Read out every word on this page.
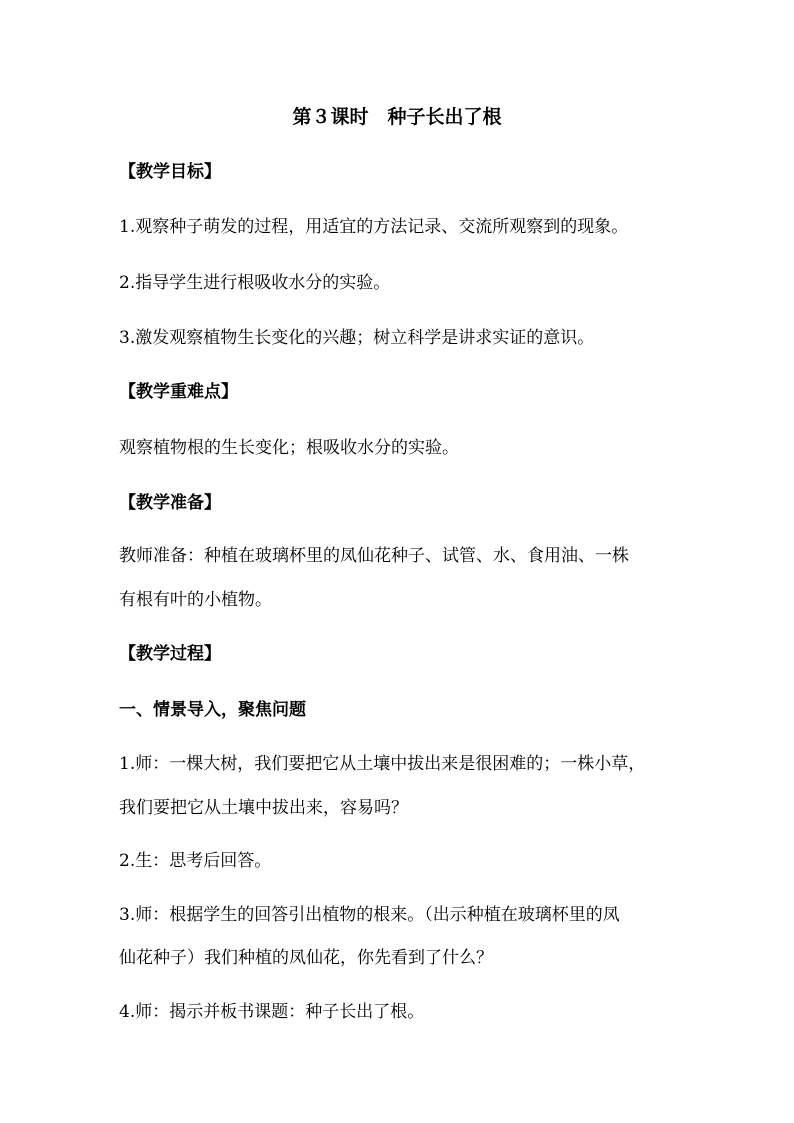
第３课时　种子长出了根
【教学目标】
1.观察种子萌发的过程，用适宜的方法记录、交流所观察到的现象。
2.指导学生进行根吸收水分的实验。
3.激发观察植物生长变化的兴趣；树立科学是讲求实证的意识。
【教学重难点】
观察植物根的生长变化；根吸收水分的实验。
【教学准备】
教师准备：种植在玻璃杯里的凤仙花种子、试管、水、食用油、一株
有根有叶的小植物。
【教学过程】
一、情景导入，聚焦问题
1.师：一棵大树，我们要把它从土壤中拔出来是很困难的；一株小草，
我们要把它从土壤中拔出来，容易吗？
2.生：思考后回答。
3.师：根据学生的回答引出植物的根来。（出示种植在玻璃杯里的凤
仙花种子）我们种植的凤仙花，你先看到了什么？
4.师：揭示并板书课题：种子长出了根。
